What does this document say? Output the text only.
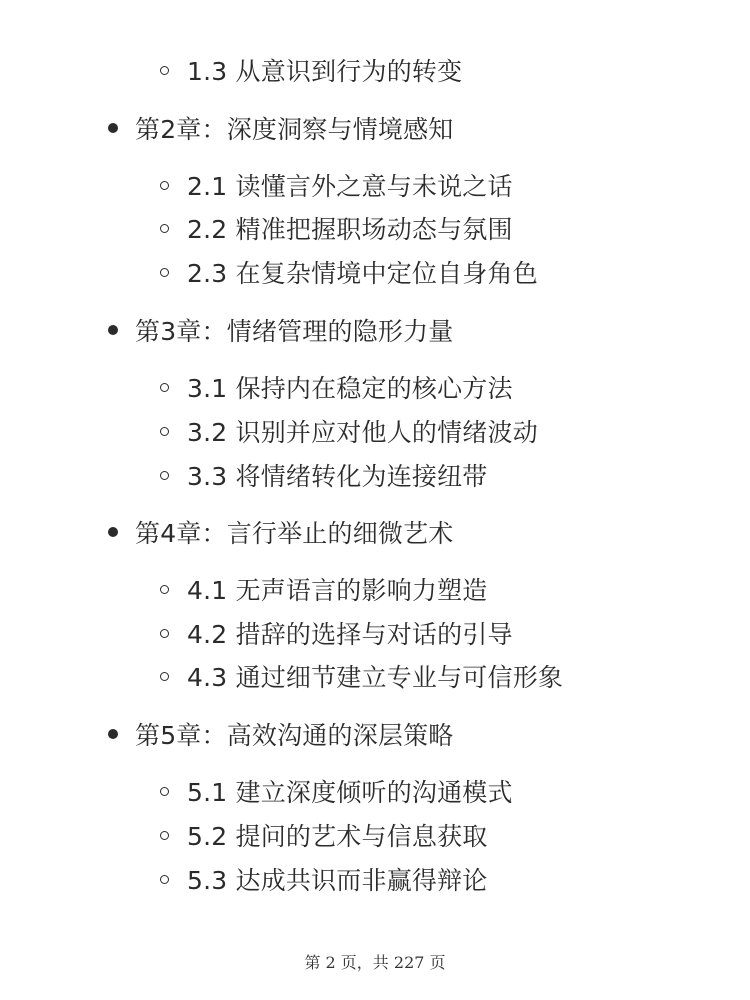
1.3 从意识到行为的转变
第2章：深度洞察与情境感知
2.1 读懂言外之意与未说之话
2.2 精准把握职场动态与氛围
2.3 在复杂情境中定位自身角色
第3章：情绪管理的隐形力量
3.1 保持内在稳定的核心方法
3.2 识别并应对他人的情绪波动
3.3 将情绪转化为连接纽带
第4章：言行举止的细微艺术
4.1 无声语言的影响力塑造
4.2 措辞的选择与对话的引导
4.3 通过细节建立专业与可信形象
第5章：高效沟通的深层策略
5.1 建立深度倾听的沟通模式
5.2 提问的艺术与信息获取
5.3 达成共识而非赢得辩论
第 2 页，共 227 页
